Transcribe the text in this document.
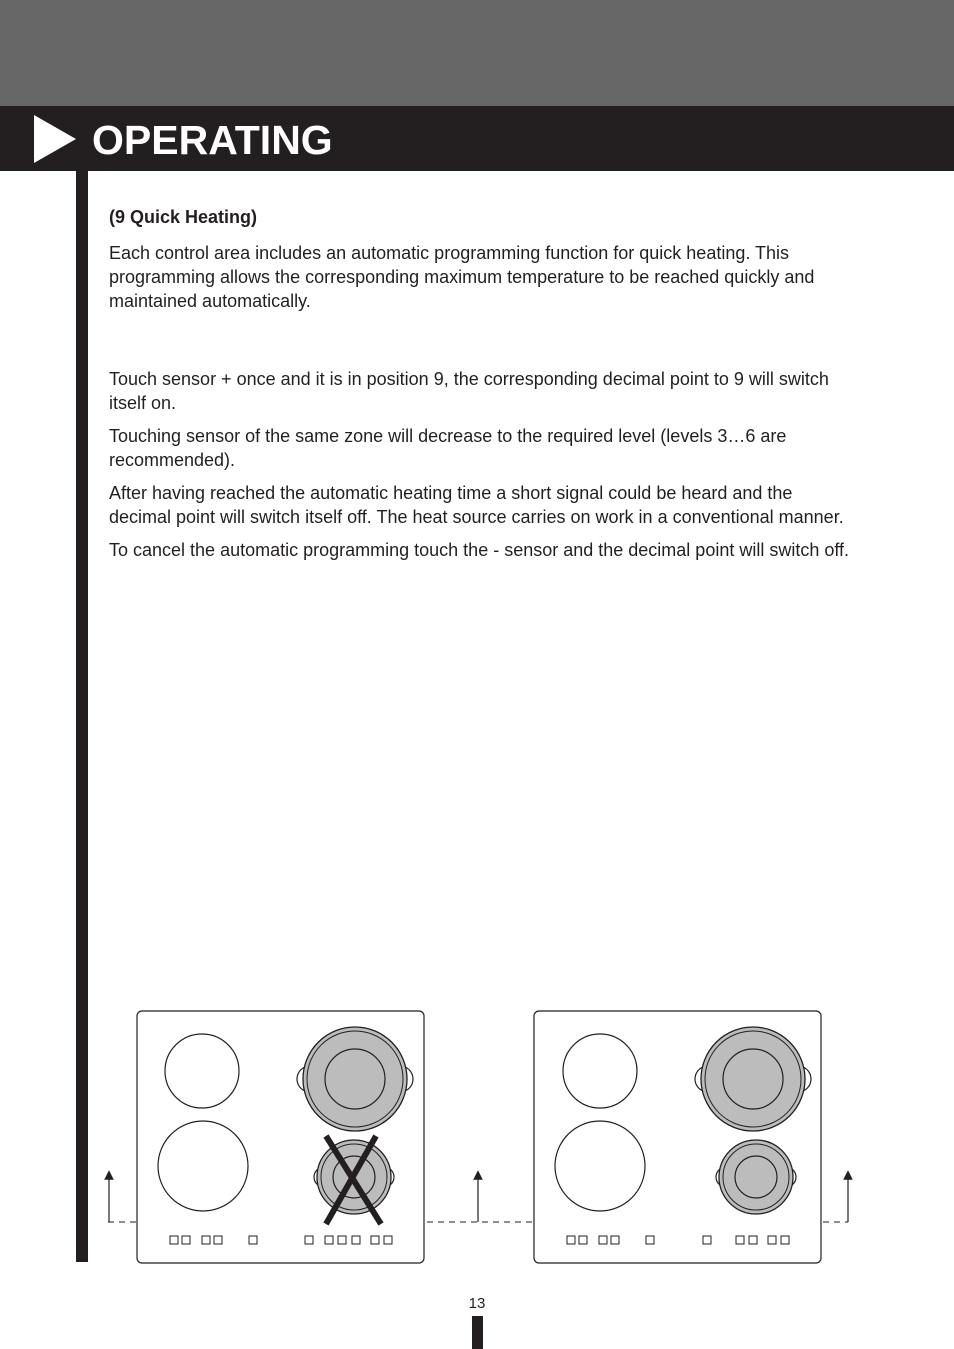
OPERATING

(9 Quick Heating)

Each control area includes an automatic programming function for quick heating. This programming allows the corresponding maximum temperature to be reached quickly and maintained automatically.

Touch sensor + once and it is in position 9, the corresponding decimal point to 9 will switch itself on.

Touching sensor of the same zone will decrease to the required level (levels 3…6 are recommended).

After having reached the automatic heating time a short signal could be heard and the decimal point will switch itself off. The heat source carries on work in a conventional manner.

To cancel the automatic programming touch the - sensor and the decimal point will switch off.

13
